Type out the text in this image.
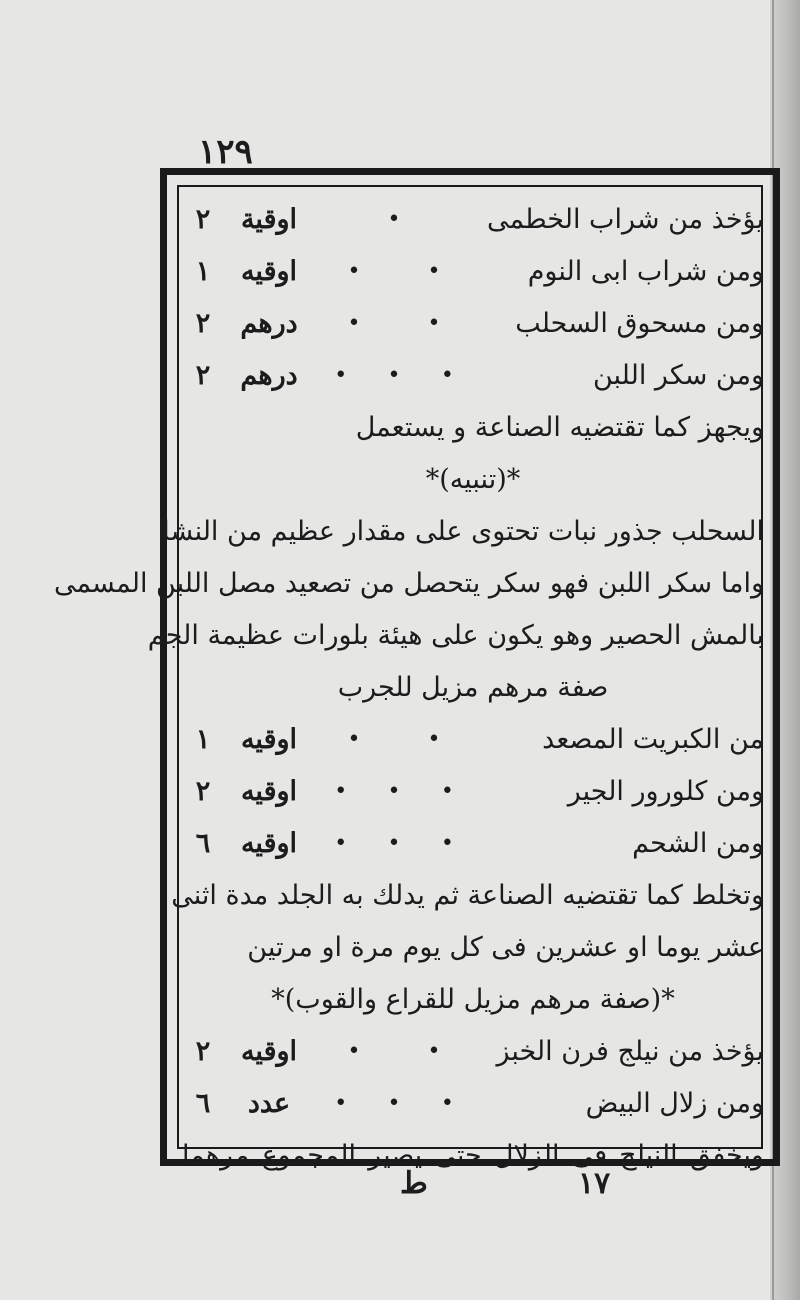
١٢٩
يؤخذ من شراب الخطمى
•
اوقية
٢
ومن شراب ابى النوم
•
•
اوقيه
١
ومن مسحوق السحلب
•
•
درهم
٢
ومن سكر اللبن
•
•
•
درهم
٢
ويجهز كما تقتضيه الصناعة و يستعمل
*(تنبيه)*
السحلب جذور نبات تحتوى على مقدار عظيم من النشا
واما سكر اللبن فهو سكر يتحصل من تصعيد مصل اللبن المسمى
بالمش الحصير وهو يكون على هيئة بلورات عظيمة الجم
صفة مرهم مزيل للجرب
من الكبريت المصعد
•
•
اوقيه
١
ومن كلورور الجير
•
•
•
اوقيه
٢
ومن الشحم
•
•
•
اوقيه
٦
وتخلط كما تقتضيه الصناعة ثم يدلك به الجلد مدة اثنى
عشر يوما او عشرين فى كل يوم مرة او مرتين
*(صفة مرهم مزيل للقراع والقوب)*
يؤخذ من نيلج فرن الخبز
•
•
اوقيه
٢
ومن زلال البيض
•
•
•
عدد
٦
ويخفق النيلج فى الزلال حتى يصير المجموع مرهما
ط	١٧
